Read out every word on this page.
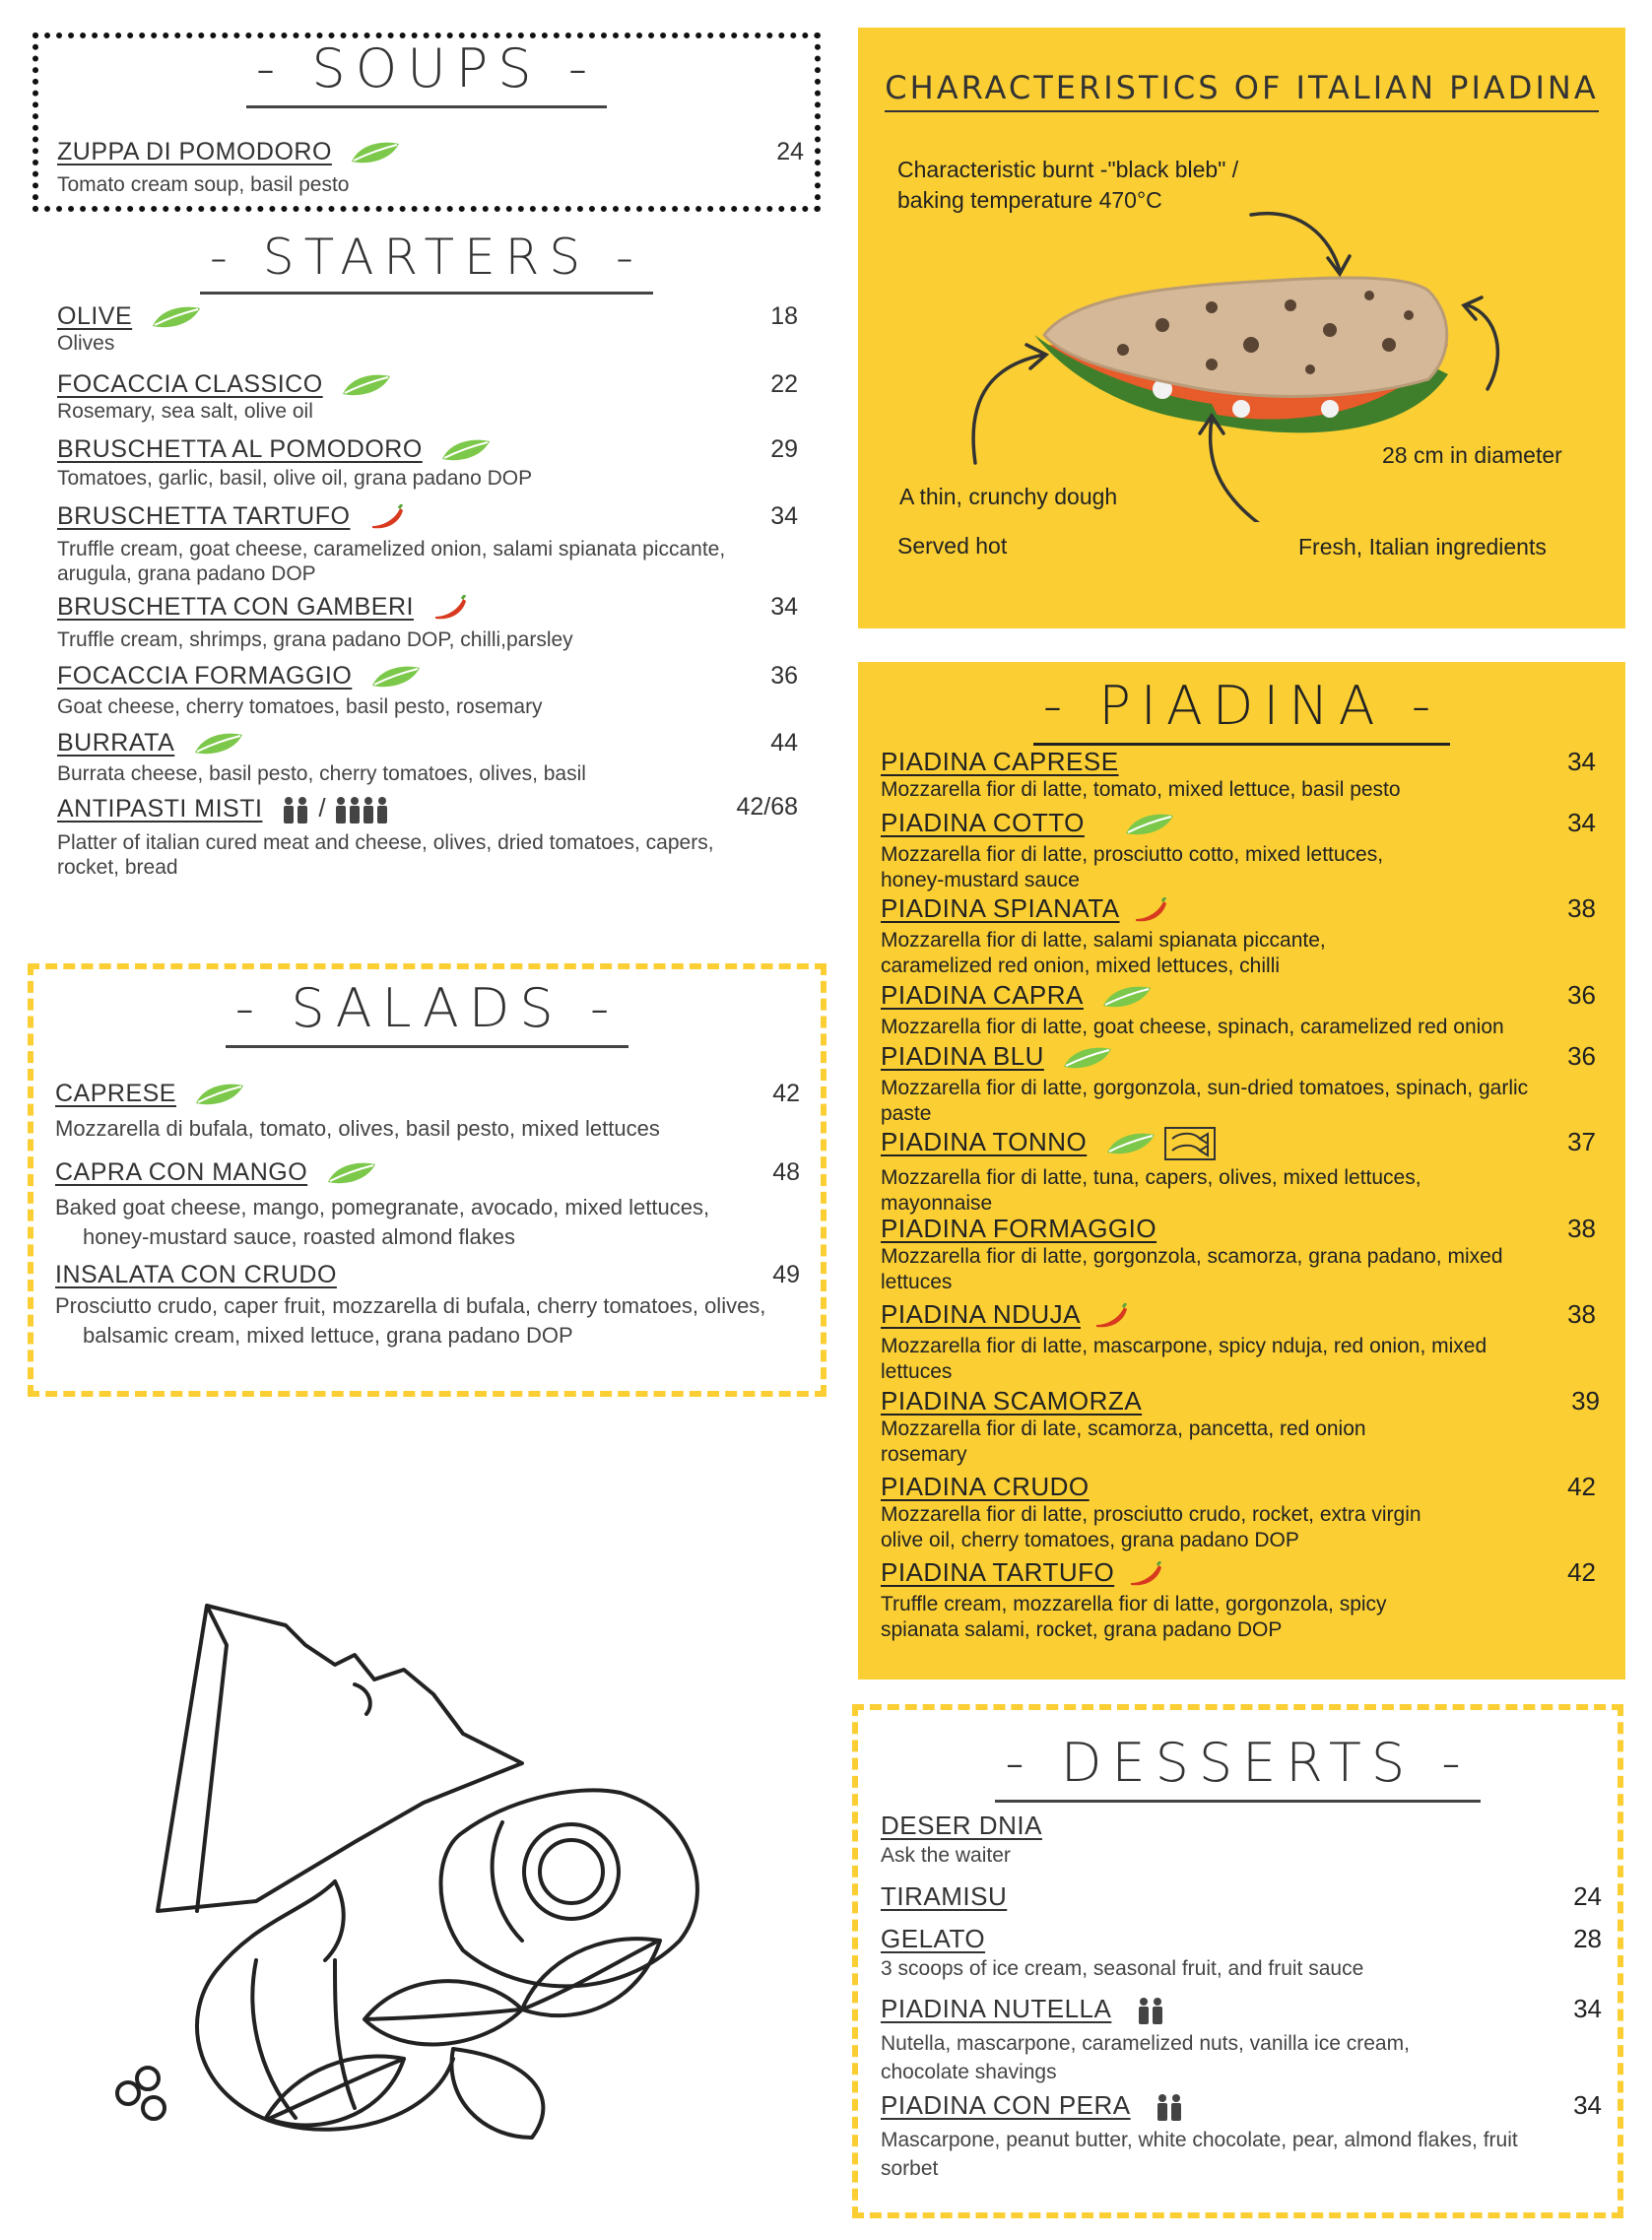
- SOUPS -
ZUPPA DI POMODORO	24
Tomato cream soup, basil pesto
- STARTERS -
OLIVE	18
Olives
FOCACCIA CLASSICO	22
Rosemary, sea salt, olive oil
BRUSCHETTA AL POMODORO	29
Tomatoes, garlic, basil, olive oil, grana padano DOP
BRUSCHETTA TARTUFO	34
Truffle cream, goat cheese, caramelized onion, salami spianata piccante, arugula, grana padano DOP
BRUSCHETTA CON GAMBERI	34
Truffle cream, shrimps, grana padano DOP, chilli,parsley
FOCACCIA FORMAGGIO	36
Goat cheese, cherry tomatoes, basil pesto, rosemary
BURRATA	44
Burrata cheese, basil pesto, cherry tomatoes, olives, basil
ANTIPASTI MISTI /	42/68
Platter of italian cured meat and cheese, olives, dried tomatoes, capers, rocket, bread
- SALADS -
CAPRESE	42
Mozzarella di bufala, tomato, olives, basil pesto, mixed lettuces
CAPRA CON MANGO	48
Baked goat cheese, mango, pomegranate, avocado, mixed lettuces, honey-mustard sauce, roasted almond flakes
INSALATA CON CRUDO	49
Prosciutto crudo, caper fruit, mozzarella di bufala, cherry tomatoes, olives, balsamic cream, mixed lettuce, grana padano DOP
CHARACTERISTICS OF ITALIAN PIADINA
Characteristic burnt -"black bleb" / baking temperature 470°C
28 cm in diameter
A thin, crunchy dough
Served hot	Fresh, Italian ingredients
- PIADINA -
PIADINA CAPRESE	34
Mozzarella fior di latte, tomato, mixed lettuce, basil pesto
PIADINA COTTO	34
Mozzarella fior di latte, prosciutto cotto, mixed lettuces, honey-mustard sauce
PIADINA SPIANATA	38
Mozzarella fior di latte, salami spianata piccante, caramelized red onion, mixed lettuces, chilli
PIADINA CAPRA	36
Mozzarella fior di latte, goat cheese, spinach, caramelized red onion
PIADINA BLU	36
Mozzarella fior di latte, gorgonzola, sun-dried tomatoes, spinach, garlic paste
PIADINA TONNO	37
Mozzarella fior di latte, tuna, capers, olives, mixed lettuces, mayonnaise
PIADINA FORMAGGIO	38
Mozzarella fior di latte, gorgonzola, scamorza, grana padano, mixed lettuces
PIADINA NDUJA	38
Mozzarella fior di latte, mascarpone, spicy nduja, red onion, mixed lettuces
PIADINA SCAMORZA	39
Mozzarella fior di late, scamorza, pancetta, red onion rosemary
PIADINA CRUDO	42
Mozzarella fior di latte, prosciutto crudo, rocket, extra virgin olive oil, cherry tomatoes, grana padano DOP
PIADINA TARTUFO	42
Truffle cream, mozzarella fior di latte, gorgonzola, spicy spianata salami, rocket, grana padano DOP
- DESSERTS -
DESER DNIA
Ask the waiter
TIRAMISU	24
GELATO	28
3 scoops of ice cream, seasonal fruit, and fruit sauce
PIADINA NUTELLA	34
Nutella, mascarpone, caramelized nuts, vanilla ice cream, chocolate shavings
PIADINA CON PERA	34
Mascarpone, peanut butter, white chocolate, pear, almond flakes, fruit sorbet
